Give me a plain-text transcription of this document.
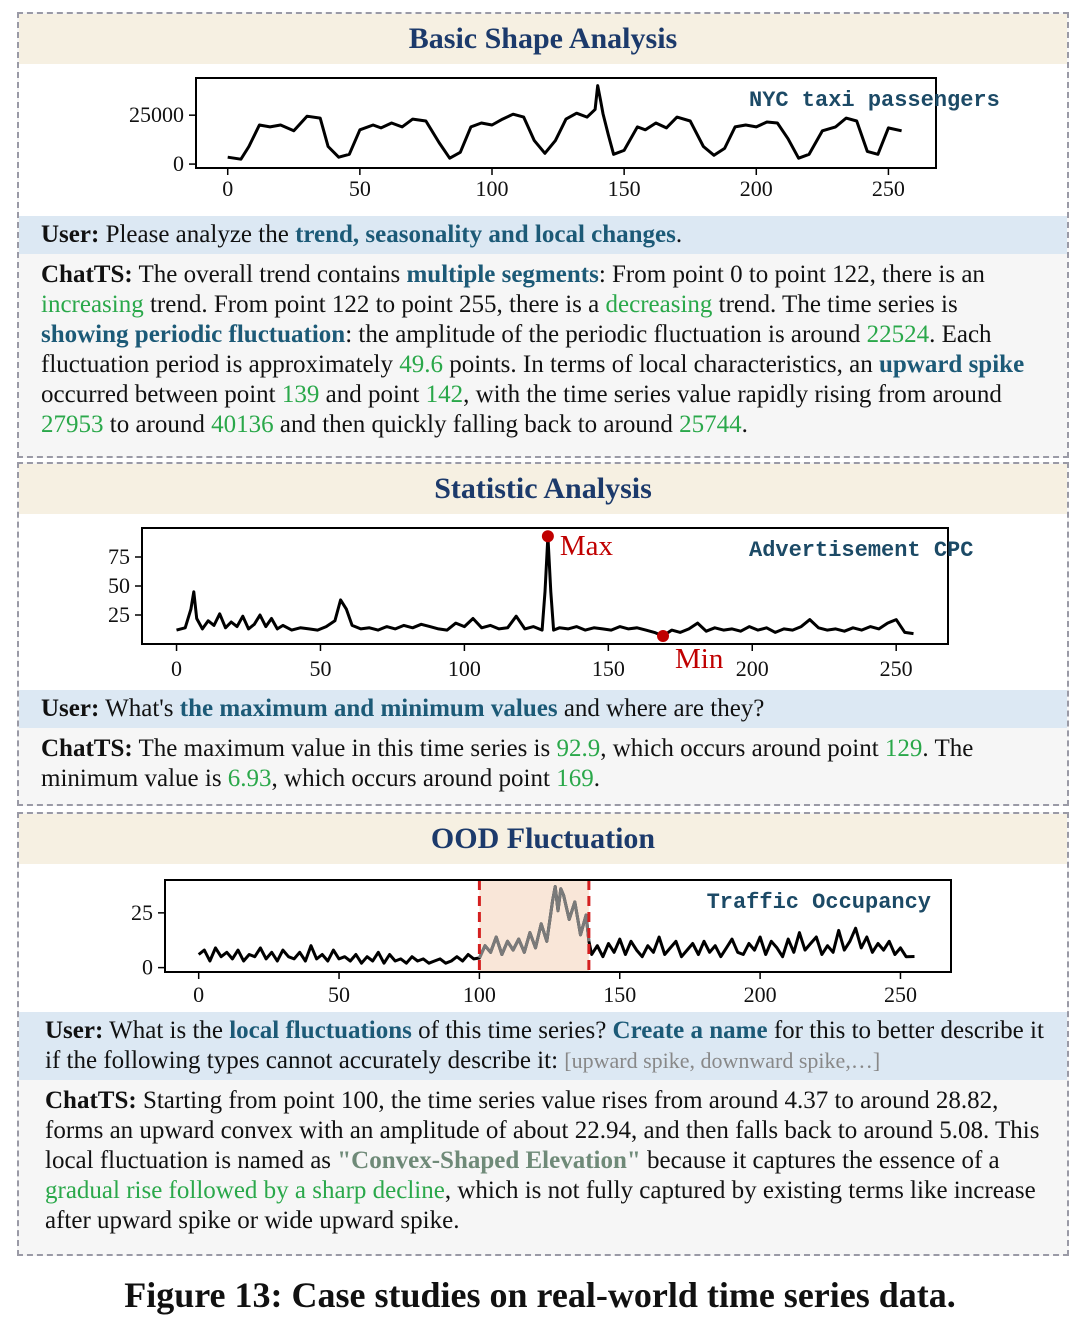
Basic Shape Analysis
0	50	100	150	200	250
0
25000
NYC taxi passengers
User: Please analyze the trend, seasonality and local changes.
ChatTS: The overall trend contains multiple segments: From point 0 to point 122, there is an increasing trend. From point 122 to point 255, there is a decreasing trend. The time series is showing periodic fluctuation: the amplitude of the periodic fluctuation is around 22524. Each fluctuation period is approximately 49.6 points. In terms of local characteristics, an upward spike occurred between point 139 and point 142, with the time series value rapidly rising from around 27953 to around 40136 and then quickly falling back to around 25744.
Statistic Analysis
0	50	100	150	200	250
25
50
75	Advertisement CPC
Max
Min
User: What's the maximum and minimum values and where are they?
ChatTS: The maximum value in this time series is 92.9, which occurs around point 129. The minimum value is 6.93, which occurs around point 169.
OOD Fluctuation
0	50	100	150	200	250
0
25	Traffic Occupancy
User: What is the local fluctuations of this time series? Create a name for this to better describe it if the following types cannot accurately describe it: [upward spike, downward spike,…]
ChatTS: Starting from point 100, the time series value rises from around 4.37 to around 28.82, forms an upward convex with an amplitude of about 22.94, and then falls back to around 5.08. This local fluctuation is named as "Convex-Shaped Elevation" because it captures the essence of a gradual rise followed by a sharp decline, which is not fully captured by existing terms like increase after upward spike or wide upward spike.
Figure 13: Case studies on real-world time series data.
